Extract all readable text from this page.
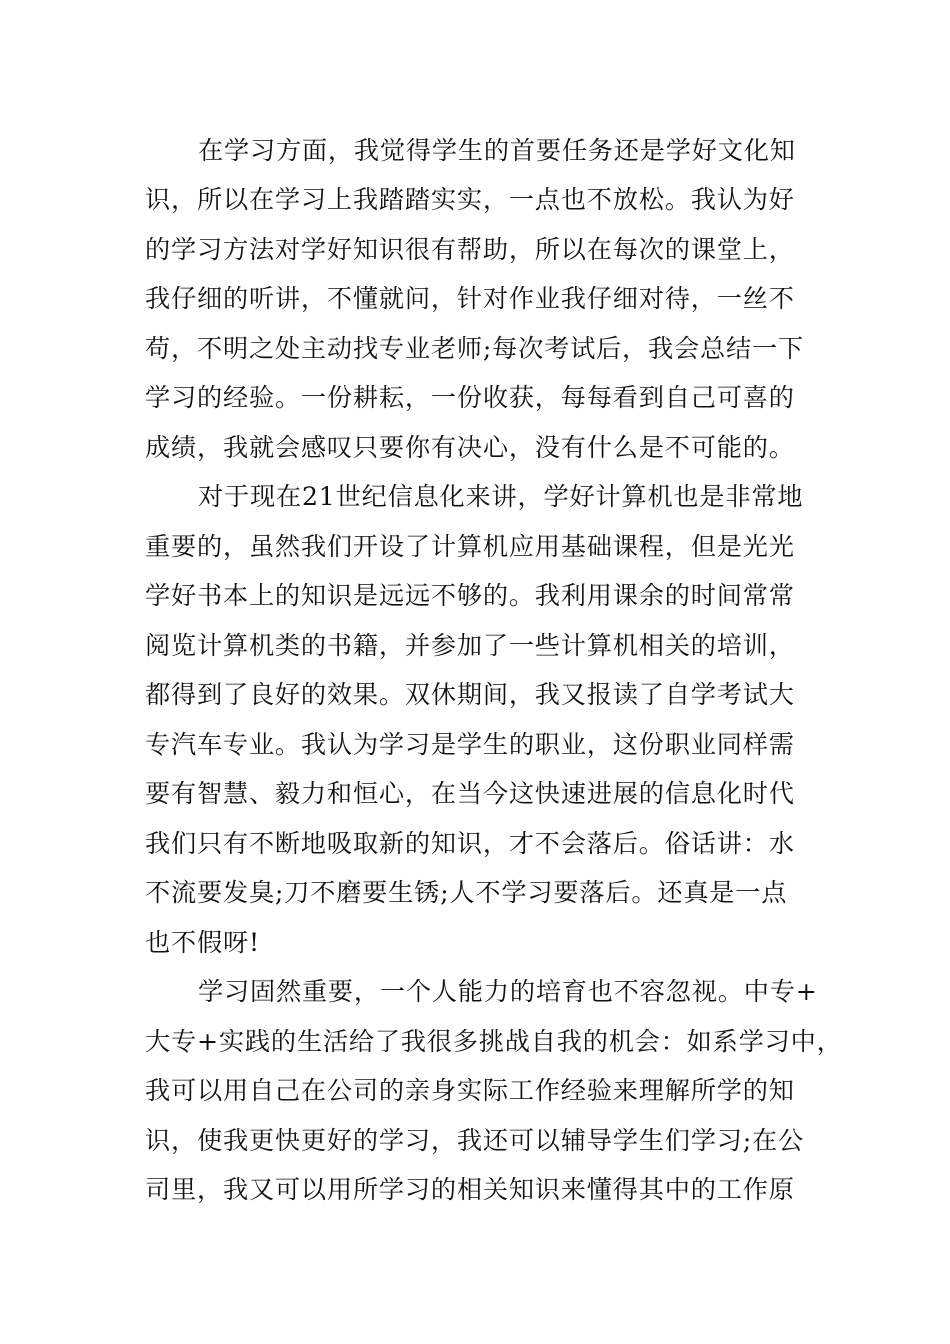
在学习方面，我觉得学生的首要任务还是学好文化知
识，所以在学习上我踏踏实实，一点也不放松。我认为好
的学习方法对学好知识很有帮助，所以在每次的课堂上，
我仔细的听讲，不懂就问，针对作业我仔细对待，一丝不
苟，不明之处主动找专业老师;每次考试后，我会总结一下
学习的经验。一份耕耘，一份收获，每每看到自己可喜的
成绩，我就会感叹只要你有决心，没有什么是不可能的。
对于现在21世纪信息化来讲，学好计算机也是非常地
重要的，虽然我们开设了计算机应用基础课程，但是光光
学好书本上的知识是远远不够的。我利用课余的时间常常
阅览计算机类的书籍，并参加了一些计算机相关的培训，
都得到了良好的效果。双休期间，我又报读了自学考试大
专汽车专业。我认为学习是学生的职业，这份职业同样需
要有智慧、毅力和恒心，在当今这快速进展的信息化时代
我们只有不断地吸取新的知识，才不会落后。俗话讲：水
不流要发臭;刀不磨要生锈;人不学习要落后。还真是一点
也不假呀!
学习固然重要，一个人能力的培育也不容忽视。中专+
大专+实践的生活给了我很多挑战自我的机会：如系学习中，
我可以用自己在公司的亲身实际工作经验来理解所学的知
识，使我更快更好的学习，我还可以辅导学生们学习;在公
司里，我又可以用所学习的相关知识来懂得其中的工作原
